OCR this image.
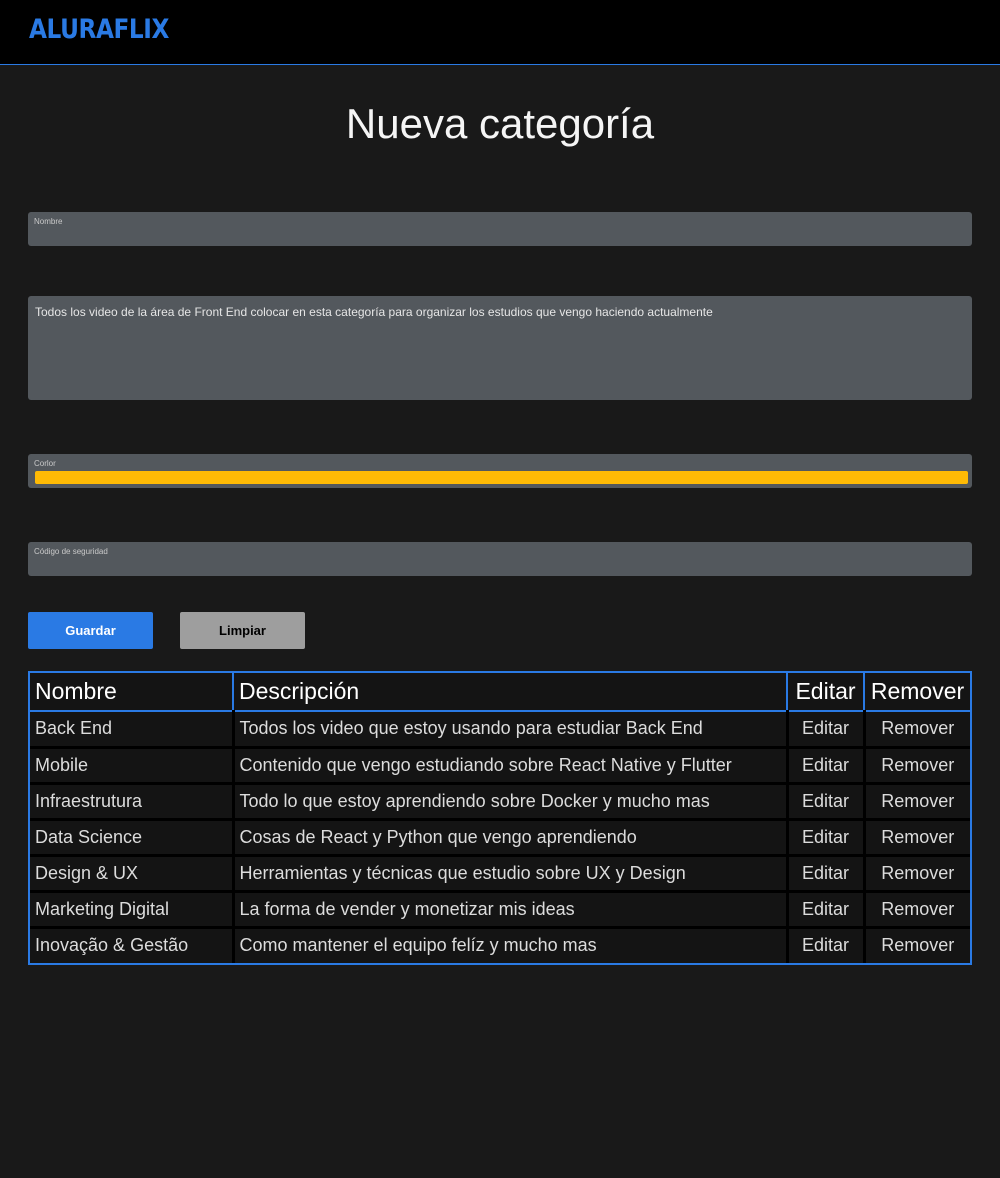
ALURAFLIX
Nueva categoría
Nombre
Todos los video de la área de Front End colocar en esta categoría para organizar los estudios que vengo haciendo actualmente
Corlor
Código de seguridad
Guardar	Limpiar
Nombre	Descripción	Editar	Remover
Back End	Todos los video que estoy usando para estudiar Back End	Editar	Remover
Mobile	Contenido que vengo estudiando sobre React Native y Flutter	Editar	Remover
Infraestrutura	Todo lo que estoy aprendiendo sobre Docker y mucho mas	Editar	Remover
Data Science	Cosas de React y Python que vengo aprendiendo	Editar	Remover
Design & UX	Herramientas y técnicas que estudio sobre UX y Design	Editar	Remover
Marketing Digital	La forma de vender y monetizar mis ideas	Editar	Remover
Inovação & Gestão	Como mantener el equipo felíz y mucho mas	Editar	Remover
